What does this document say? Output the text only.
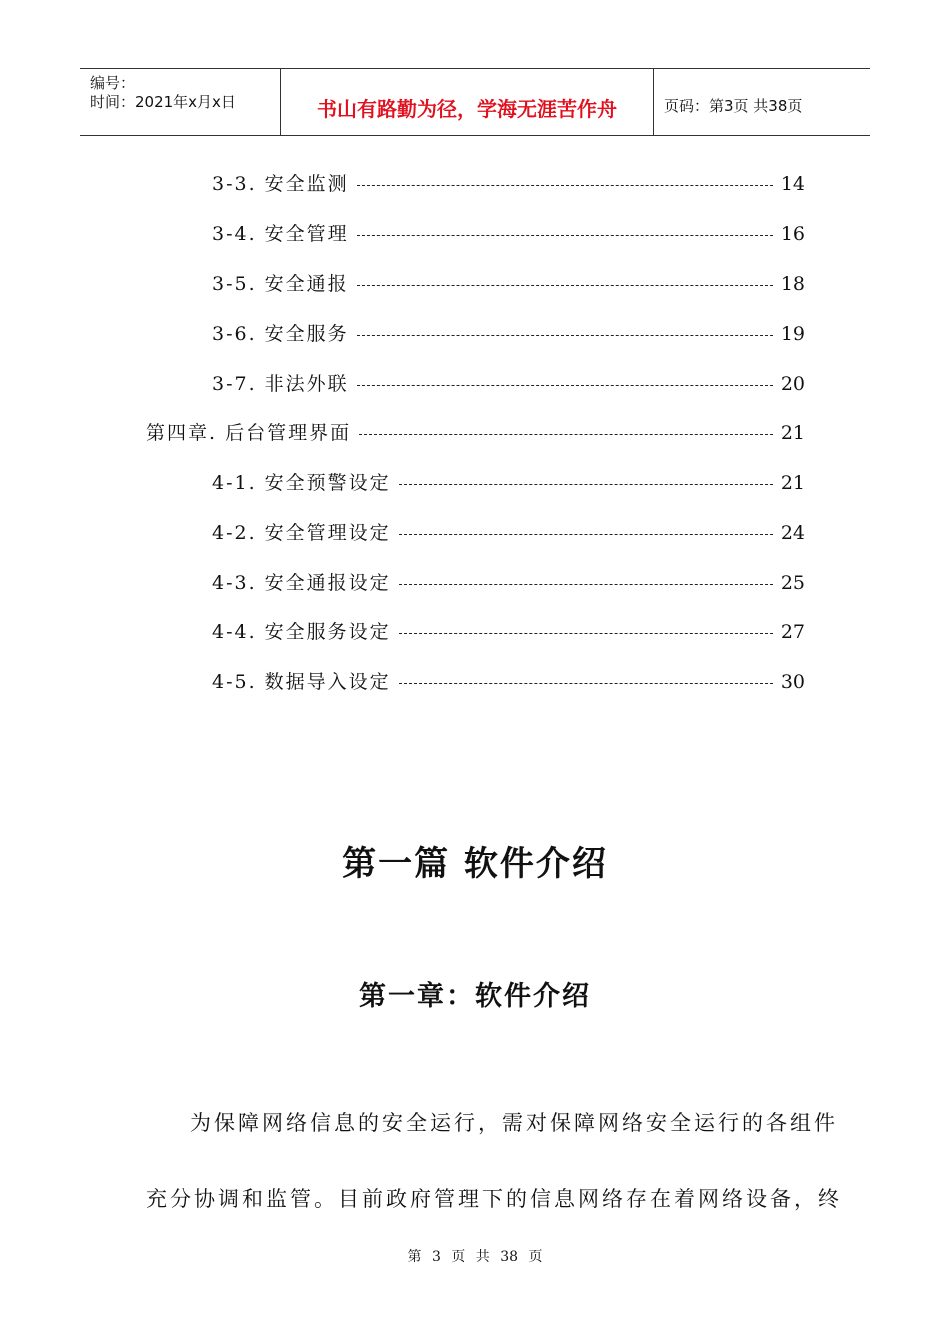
编号：
时间：2021年x月x日	书山有路勤为径，学海无涯苦作舟	页码：第3页 共38页
3-3. 安全监测	14
3-4. 安全管理	16
3-5. 安全通报	18
3-6. 安全服务	19
3-7. 非法外联	20
第四章. 后台管理界面	21
4-1. 安全预警设定	21
4-2. 安全管理设定	24
4-3. 安全通报设定	25
4-4. 安全服务设定	27
4-5. 数据导入设定	30
第一篇 软件介绍
第一章：软件介绍
为保障网络信息的安全运行，需对保障网络安全运行的各组件
充分协调和监管。目前政府管理下的信息网络存在着网络设备，终
第 3 页 共 38 页
